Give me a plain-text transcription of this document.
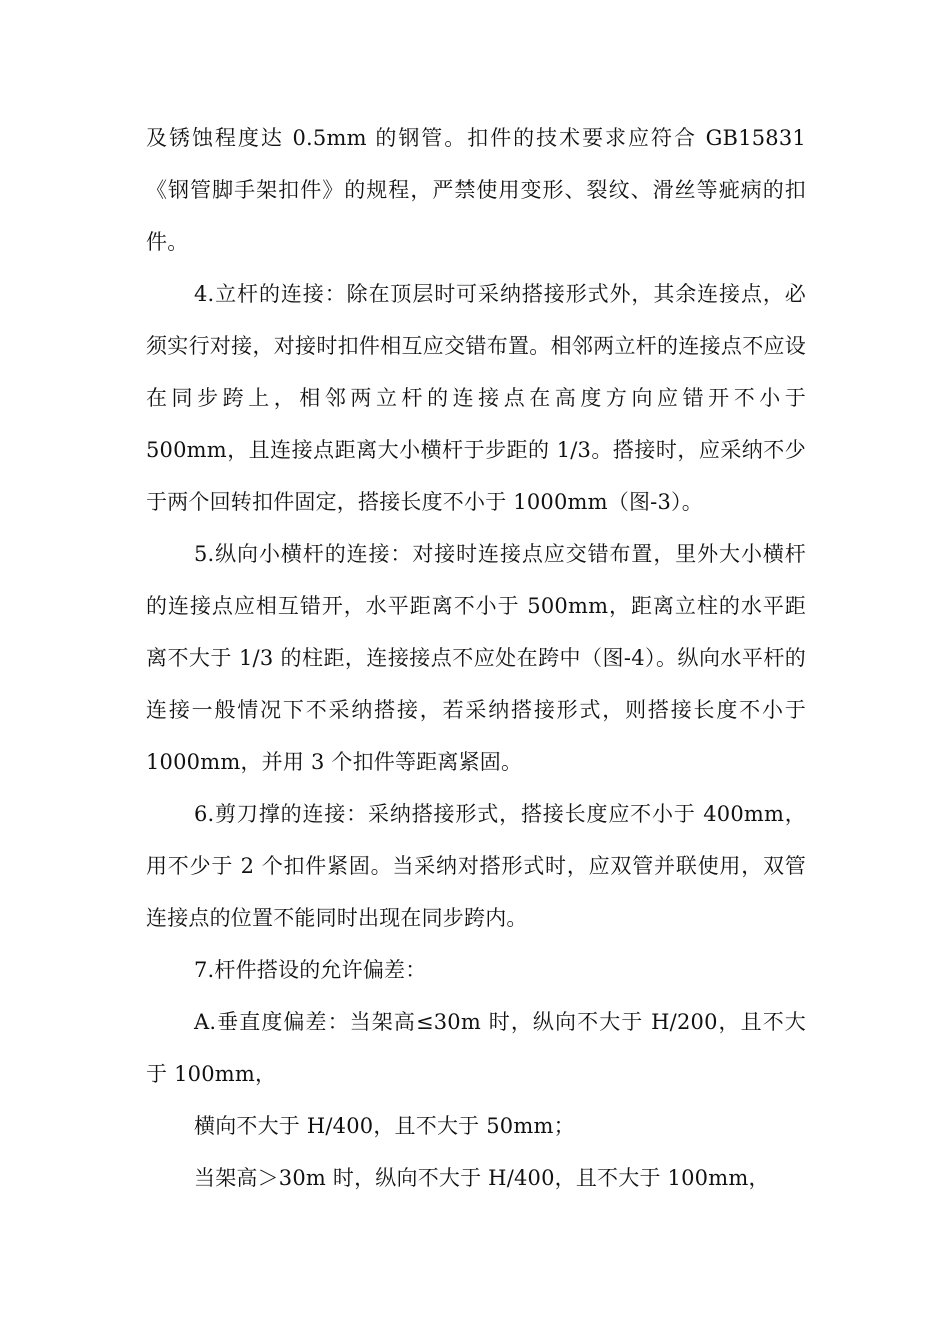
及锈蚀程度达 0.5mm 的钢管。扣件的技术要求应符合 GB15831《钢管脚手架扣件》的规程，严禁使用变形、裂纹、滑丝等疵病的扣件。

4.立杆的连接：除在顶层时可采纳搭接形式外，其余连接点，必须实行对接，对接时扣件相互应交错布置。相邻两立杆的连接点不应设在同步跨上，相邻两立杆的连接点在高度方向应错开不小于 500mm，且连接点距离大小横杆于步距的 1/3。搭接时，应采纳不少于两个回转扣件固定，搭接长度不小于 1000mm（图-3）。

5.纵向小横杆的连接：对接时连接点应交错布置，里外大小横杆的连接点应相互错开，水平距离不小于 500mm，距离立柱的水平距离不大于 1/3 的柱距，连接接点不应处在跨中（图-4）。纵向水平杆的连接一般情况下不采纳搭接，若采纳搭接形式，则搭接长度不小于 1000mm，并用 3 个扣件等距离紧固。

6.剪刀撑的连接：采纳搭接形式，搭接长度应不小于 400mm，用不少于 2 个扣件紧固。当采纳对搭形式时，应双管并联使用，双管连接点的位置不能同时出现在同步跨内。

7.杆件搭设的允许偏差：

A.垂直度偏差：当架高≤30m 时，纵向不大于 H/200，且不大于 100mm，

横向不大于 H/400，且不大于 50mm；

当架高＞30m 时，纵向不大于 H/400，且不大于 100mm，
